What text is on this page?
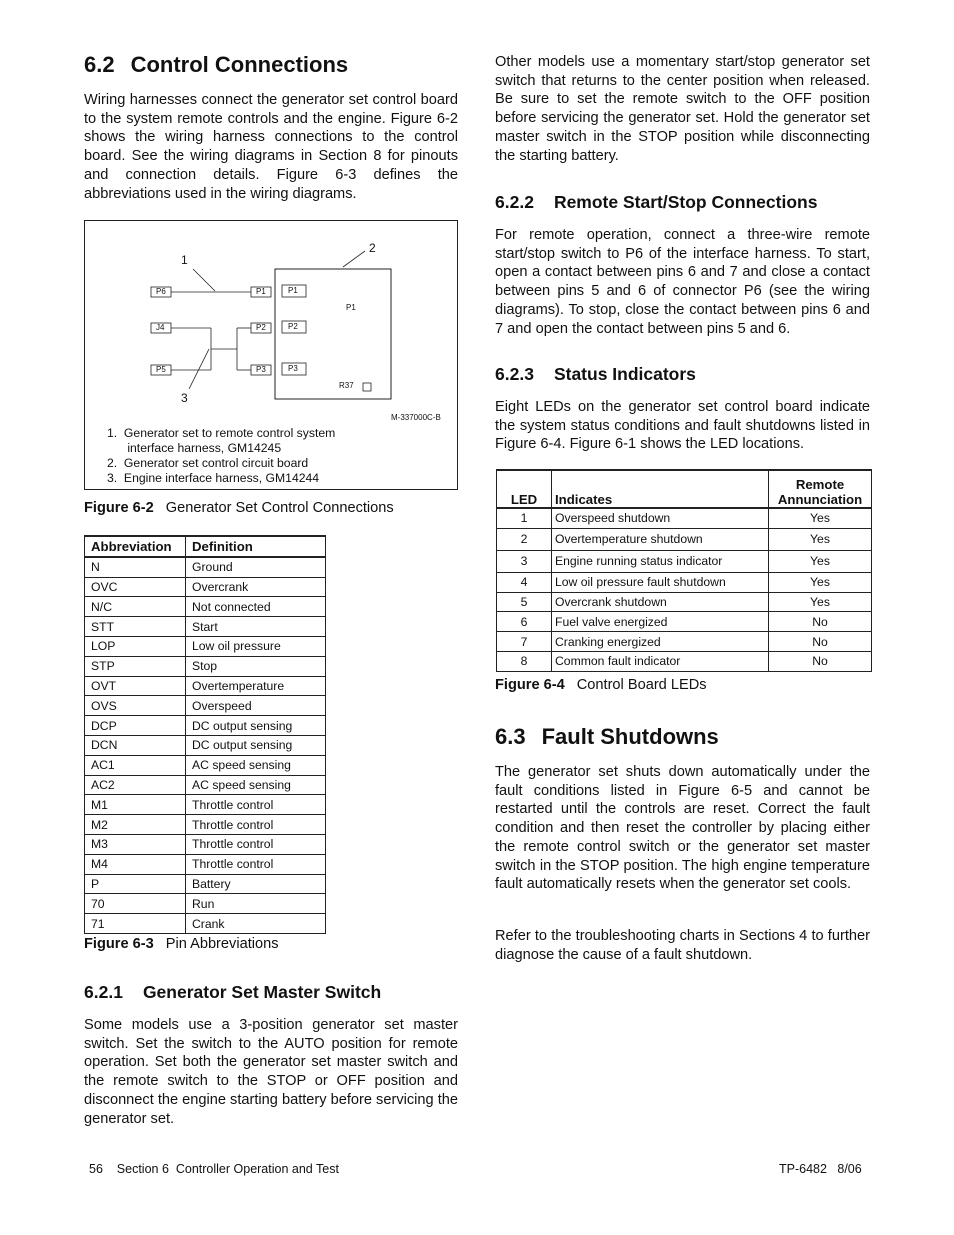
6.2 Control Connections

Wiring harnesses connect the generator set control board to the system remote controls and the engine. Figure 6-2 shows the wiring harness connections to the control board. See the wiring diagrams in Section 8 for pinouts and connection details. Figure 6-3 defines the abbreviations used in the wiring diagrams.

1
2
3
P6
J4
P5
P1
P2
P3
P1
P2
P3
P1
R37
M-337000C-B
1.  Generator set to remote control system
interface harness, GM14245
2.  Generator set control circuit board
3.  Engine interface harness, GM14244
Figure 6-2 Generator Set Control Connections
Abbreviation	Definition
N	Ground
OVC	Overcrank
N/C	Not connected
STT	Start
LOP	Low oil pressure
STP	Stop
OVT	Overtemperature
OVS	Overspeed
DCP	DC output sensing
DCN	DC output sensing
AC1	AC speed sensing
AC2	AC speed sensing
M1	Throttle control
M2	Throttle control
M3	Throttle control
M4	Throttle control
P	Battery
70	Run
71	Crank
Figure 6-3 Pin Abbreviations
6.2.1 Generator Set Master Switch

Some models use a 3-position generator set master switch. Set the switch to the AUTO position for remote operation. Set both the generator set master switch and the remote switch to the STOP or OFF position and disconnect the engine starting battery before servicing the generator set.

Other models use a momentary start/stop generator set switch that returns to the center position when released. Be sure to set the remote switch to the OFF position before servicing the generator set. Hold the generator set master switch in the STOP position while disconnecting the starting battery.

6.2.2 Remote Start/Stop Connections

For remote operation, connect a three-wire remote start/stop switch to P6 of the interface harness. To start, open a contact between pins 6 and 7 and close a contact between pins 5 and 6 of connector P6 (see the wiring diagrams). To stop, close the contact between pins 6 and 7 and open the contact between pins 5 and 6.

6.2.3 Status Indicators

Eight LEDs on the generator set control board indicate the system status conditions and fault shutdowns listed in Figure 6-4. Figure 6-1 shows the LED locations.

LED	Indicates	Remote
Annunciation
1	Overspeed shutdown	Yes
2	Overtemperature shutdown	Yes
3	Engine running status indicator	Yes
4	Low oil pressure fault shutdown	Yes
5	Overcrank shutdown	Yes
6	Fuel valve energized	No
7	Cranking energized	No
8	Common fault indicator	No
Figure 6-4 Control Board LEDs
6.3 Fault Shutdowns

The generator set shuts down automatically under the fault conditions listed in Figure 6-5 and cannot be restarted until the controls are reset. Correct the fault condition and then reset the controller by placing either the remote control switch or the generator set master switch in the STOP position. The high engine temperature fault automatically resets when the generator set cools.

Refer to the troubleshooting charts in Sections 4 to further diagnose the cause of a fault shutdown.

56    Section 6  Controller Operation and Test	TP-6482   8/06
